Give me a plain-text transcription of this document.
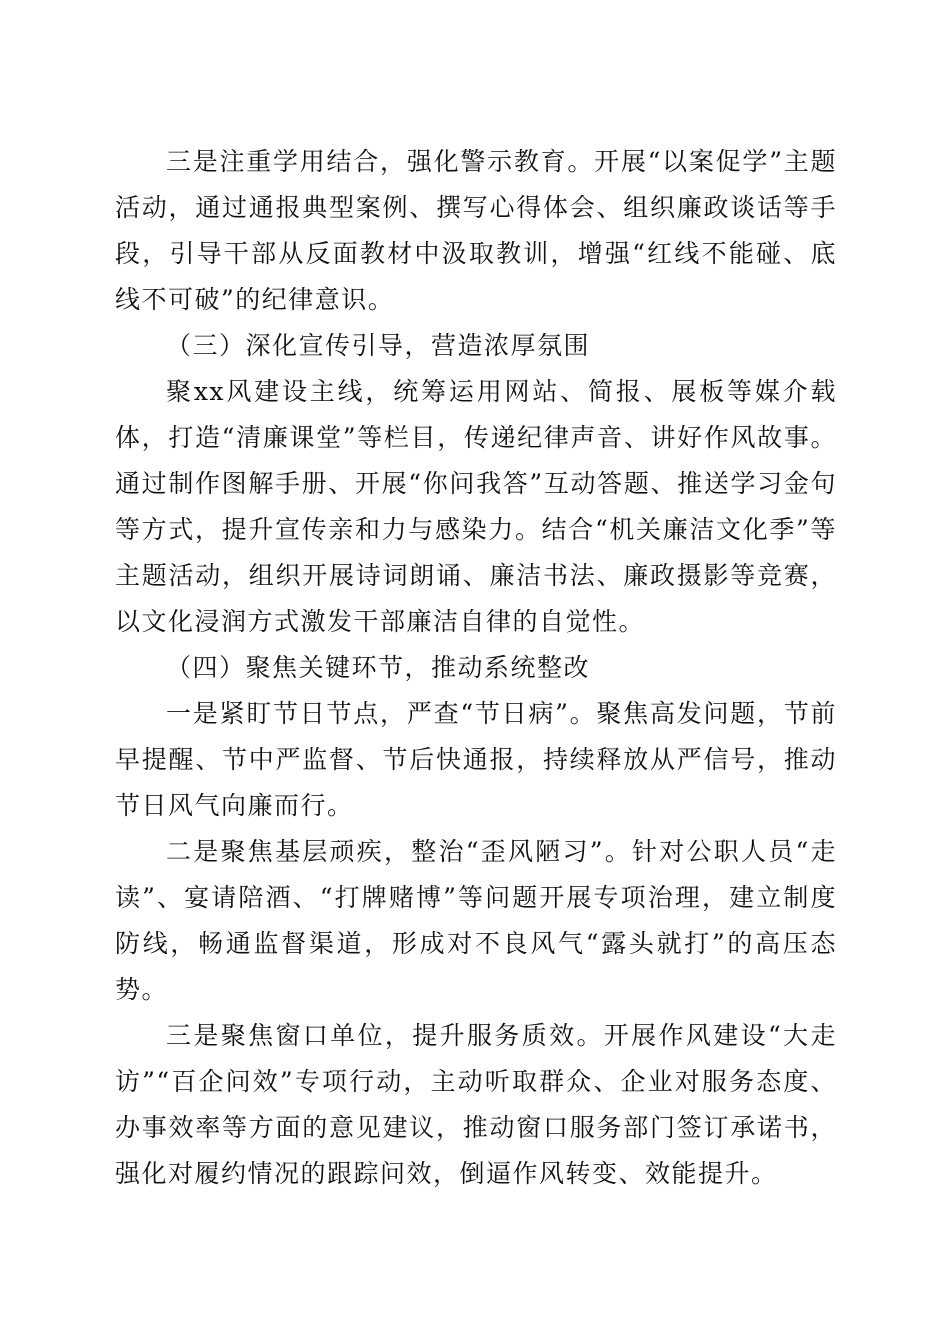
三是注重学用结合，强化警示教育。开展“以案促学”主题活动，通过通报典型案例、撰写心得体会、组织廉政谈话等手段，引导干部从反面教材中汲取教训，增强“红线不能碰、底线不可破”的纪律意识。

（三）深化宣传引导，营造浓厚氛围

聚xx风建设主线，统筹运用网站、简报、展板等媒介载体，打造“清廉课堂”等栏目，传递纪律声音、讲好作风故事。通过制作图解手册、开展“你问我答”互动答题、推送学习金句等方式，提升宣传亲和力与感染力。结合“机关廉洁文化季”等主题活动，组织开展诗词朗诵、廉洁书法、廉政摄影等竞赛，以文化浸润方式激发干部廉洁自律的自觉性。

（四）聚焦关键环节，推动系统整改

一是紧盯节日节点，严查“节日病”。聚焦高发问题，节前早提醒、节中严监督、节后快通报，持续释放从严信号，推动节日风气向廉而行。

二是聚焦基层顽疾，整治“歪风陋习”。针对公职人员“走读”、宴请陪酒、“打牌赌博”等问题开展专项治理，建立制度防线，畅通监督渠道，形成对不良风气“露头就打”的高压态势。

三是聚焦窗口单位，提升服务质效。开展作风建设“大走访”“百企问效”专项行动，主动听取群众、企业对服务态度、办事效率等方面的意见建议，推动窗口服务部门签订承诺书，强化对履约情况的跟踪问效，倒逼作风转变、效能提升。
